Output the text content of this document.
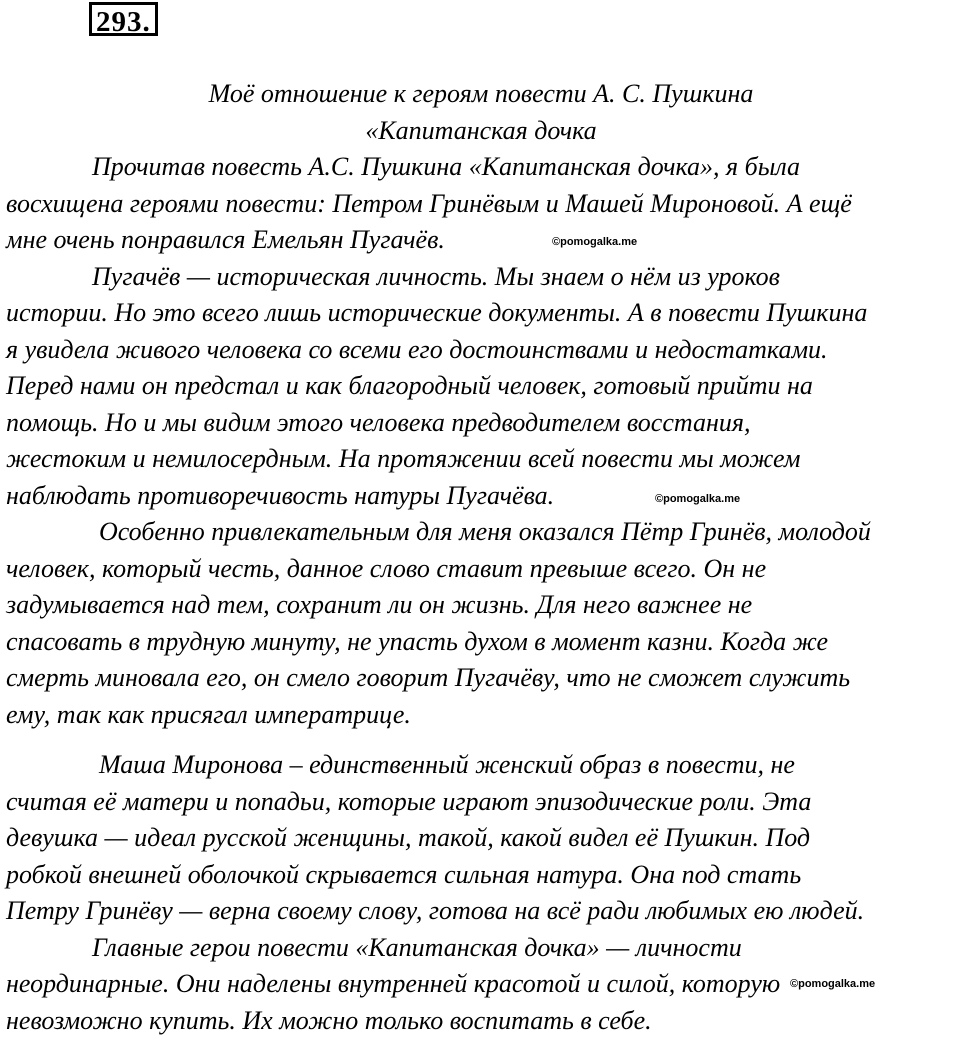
293.
Моё отношение к героям повести А. С. Пушкина
«Капитанская дочка
Прочитав повесть А.С. Пушкина «Капитанская дочка», я была
восхищена героями повести: Петром Гринёвым и Машей Мироновой. А ещё
мне очень понравился Емельян Пугачёв.
Пугачёв — историческая личность. Мы знаем о нём из уроков
истории. Но это всего лишь исторические документы. А в повести Пушкина
я увидела живого человека со всеми его достоинствами и недостатками.
Перед нами он предстал и как благородный человек, готовый прийти на
помощь. Но и мы видим этого человека предводителем восстания,
жестоким и немилосердным. На протяжении всей повести мы можем
наблюдать противоречивость натуры Пугачёва.
Особенно привлекательным для меня оказался Пётр Гринёв, молодой
человек, который честь, данное слово ставит превыше всего. Он не
задумывается над тем, сохранит ли он жизнь. Для него важнее не
спасовать в трудную минуту, не упасть духом в момент казни. Когда же
смерть миновала его, он смело говорит Пугачёву, что не сможет служить
ему, так как присягал императрице.
Маша Миронова – единственный женский образ в повести, не
считая её матери и попадьи, которые играют эпизодические роли. Эта
девушка — идеал русской женщины, такой, какой видел её Пушкин. Под
робкой внешней оболочкой скрывается сильная натура. Она под стать
Петру Гринёву — верна своему слову, готова на всё ради любимых ею людей.
Главные герои повести «Капитанская дочка» — личности
неординарные. Они наделены внутренней красотой и силой, которую
невозможно купить. Их можно только воспитать в себе.
©pomogalka.me
©pomogalka.me
©pomogalka.me
